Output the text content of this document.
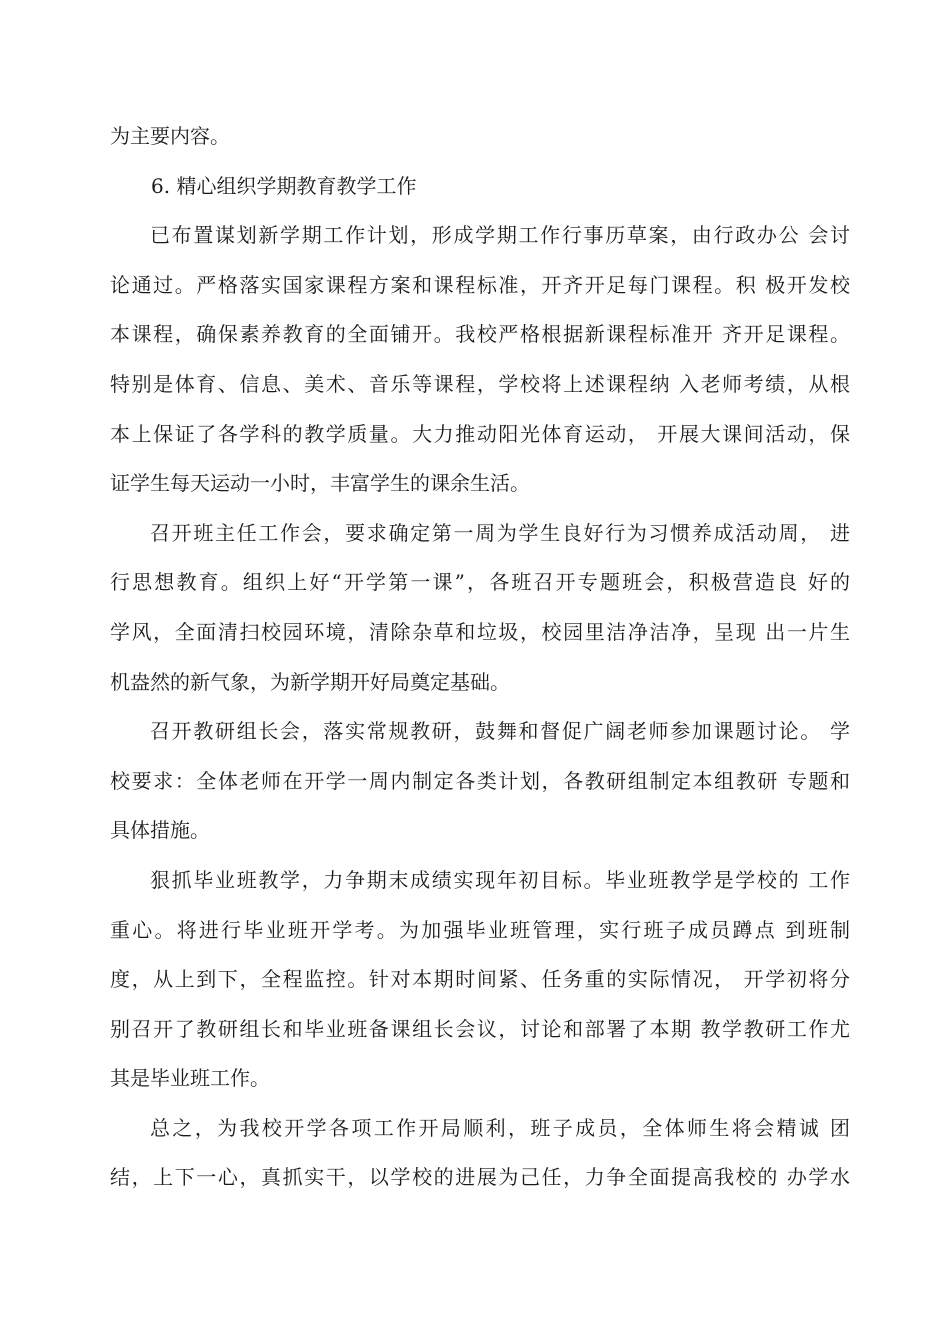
为主要内容。
6. 精心组织学期教育教学工作
已布置谋划新学期工作计划，形成学期工作行事历草案，由行政办公 会讨
论通过。严格落实国家课程方案和课程标准，开齐开足每门课程。积 极开发校
本课程，确保素养教育的全面铺开。我校严格根据新课程标准开 齐开足课程。
特别是体育、信息、美术、音乐等课程，学校将上述课程纳 入老师考绩，从根
本上保证了各学科的教学质量。大力推动阳光体育运动， 开展大课间活动，保
证学生每天运动一小时，丰富学生的课余生活。
召开班主任工作会，要求确定第一周为学生良好行为习惯养成活动周， 进
行思想教育。组织上好“开学第一课”，各班召开专题班会，积极营造良 好的
学风，全面清扫校园环境，清除杂草和垃圾，校园里洁净洁净，呈现 出一片生
机盎然的新气象，为新学期开好局奠定基础。
召开教研组长会，落实常规教研，鼓舞和督促广阔老师参加课题讨论。 学
校要求：全体老师在开学一周内制定各类计划，各教研组制定本组教研 专题和
具体措施。
狠抓毕业班教学，力争期末成绩实现年初目标。毕业班教学是学校的 工作
重心。将进行毕业班开学考。为加强毕业班管理，实行班子成员蹲点 到班制
度，从上到下，全程监控。针对本期时间紧、任务重的实际情况， 开学初将分
别召开了教研组长和毕业班备课组长会议，讨论和部署了本期 教学教研工作尤
其是毕业班工作。
总之，为我校开学各项工作开局顺利，班子成员，全体师生将会精诚 团
结，上下一心，真抓实干，以学校的进展为己任，力争全面提高我校的 办学水
